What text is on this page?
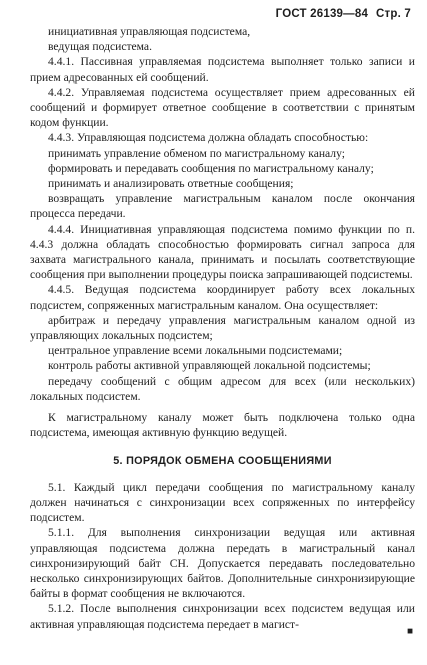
ГОСТ 26139—84 Стр. 7

инициативная управляющая подсистема,

ведущая подсистема.

4.4.1. Пассивная управляемая подсистема выполняет только записи и прием адресованных ей сообщений.

4.4.2. Управляемая подсистема осуществляет прием адресованных ей сообщений и формирует ответное сообщение в соответствии с принятым кодом функции.

4.4.3. Управляющая подсистема должна обладать способностью:

принимать управление обменом по магистральному каналу;

формировать и передавать сообщения по магистральному каналу;

принимать и анализировать ответные сообщения;

возвращать управление магистральным каналом после окончания процесса передачи.

4.4.4. Инициативная управляющая подсистема помимо функции по п. 4.4.3 должна обладать способностью формировать сигнал запроса для захвата магистрального канала, принимать и посылать соответствующие сообщения при выполнении процедуры поиска запрашивающей подсистемы.

4.4.5. Ведущая подсистема координирует работу всех локальных подсистем, сопряженных магистральным каналом. Она осуществляет:

арбитраж и передачу управления магистральным каналом одной из управляющих локальных подсистем;

центральное управление всеми локальными подсистемами;

контроль работы активной управляющей локальной подсистемы;

передачу сообщений с общим адресом для всех (или нескольких) локальных подсистем.

К магистральному каналу может быть подключена только одна подсистема, имеющая активную функцию ведущей.

5. ПОРЯДОК ОБМЕНА СООБЩЕНИЯМИ

5.1. Каждый цикл передачи сообщения по магистральному каналу должен начинаться с синхронизации всех сопряженных по интерфейсу подсистем.

5.1.1. Для выполнения синхронизации ведущая или активная управляющая подсистема должна передать в магистральный канал синхронизирующий байт СН. Допускается передавать последовательно несколько синхронизирующих байтов. Дополнительные синхронизирующие байты в формат сообщения не включаются.

5.1.2. После выполнения синхронизации всех подсистем ведущая или активная управляющая подсистема передает в магист-

■
